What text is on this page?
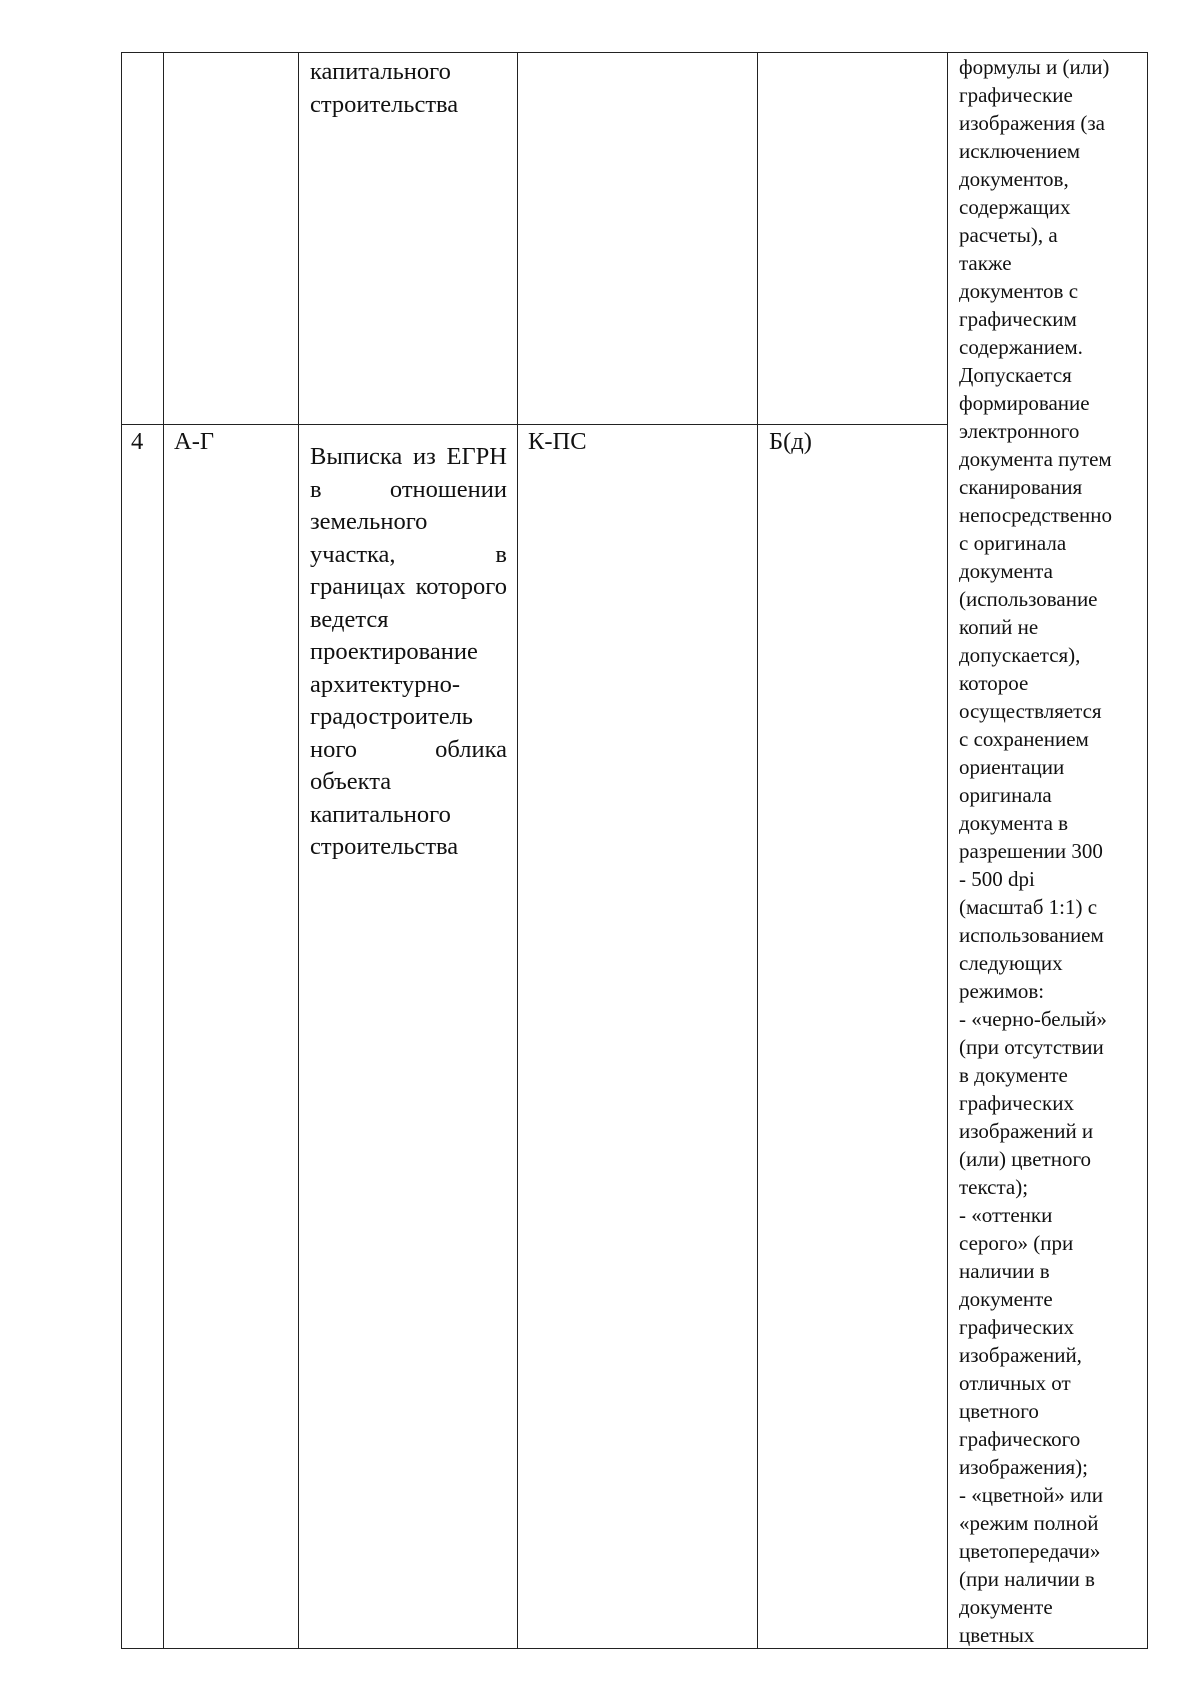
капитального строительства
4 А-Г
Выписка из ЕГРН в отношении земельного участка, в границах которого ведется проектирование архитектурно-градостроитель ного облика объекта капитального строительства
К-ПС	Б(д)
формулы и (или)
графические
изображения (за
исключением
документов,
содержащих
расчеты), а
также
документов с
графическим
содержанием.
Допускается
формирование
электронного
документа путем
сканирования
непосредственно
с оригинала
документа
(использование
копий не
допускается),
которое
осуществляется
с сохранением
ориентации
оригинала
документа в
разрешении 300
- 500 dpi
(масштаб 1:1) с
использованием
следующих
режимов:
- «черно-белый»
(при отсутствии
в документе
графических
изображений и
(или) цветного
текста);
- «оттенки
серого» (при
наличии в
документе
графических
изображений,
отличных от
цветного
графического
изображения);
- «цветной» или
«режим полной
цветопередачи»
(при наличии в
документе
цветных
